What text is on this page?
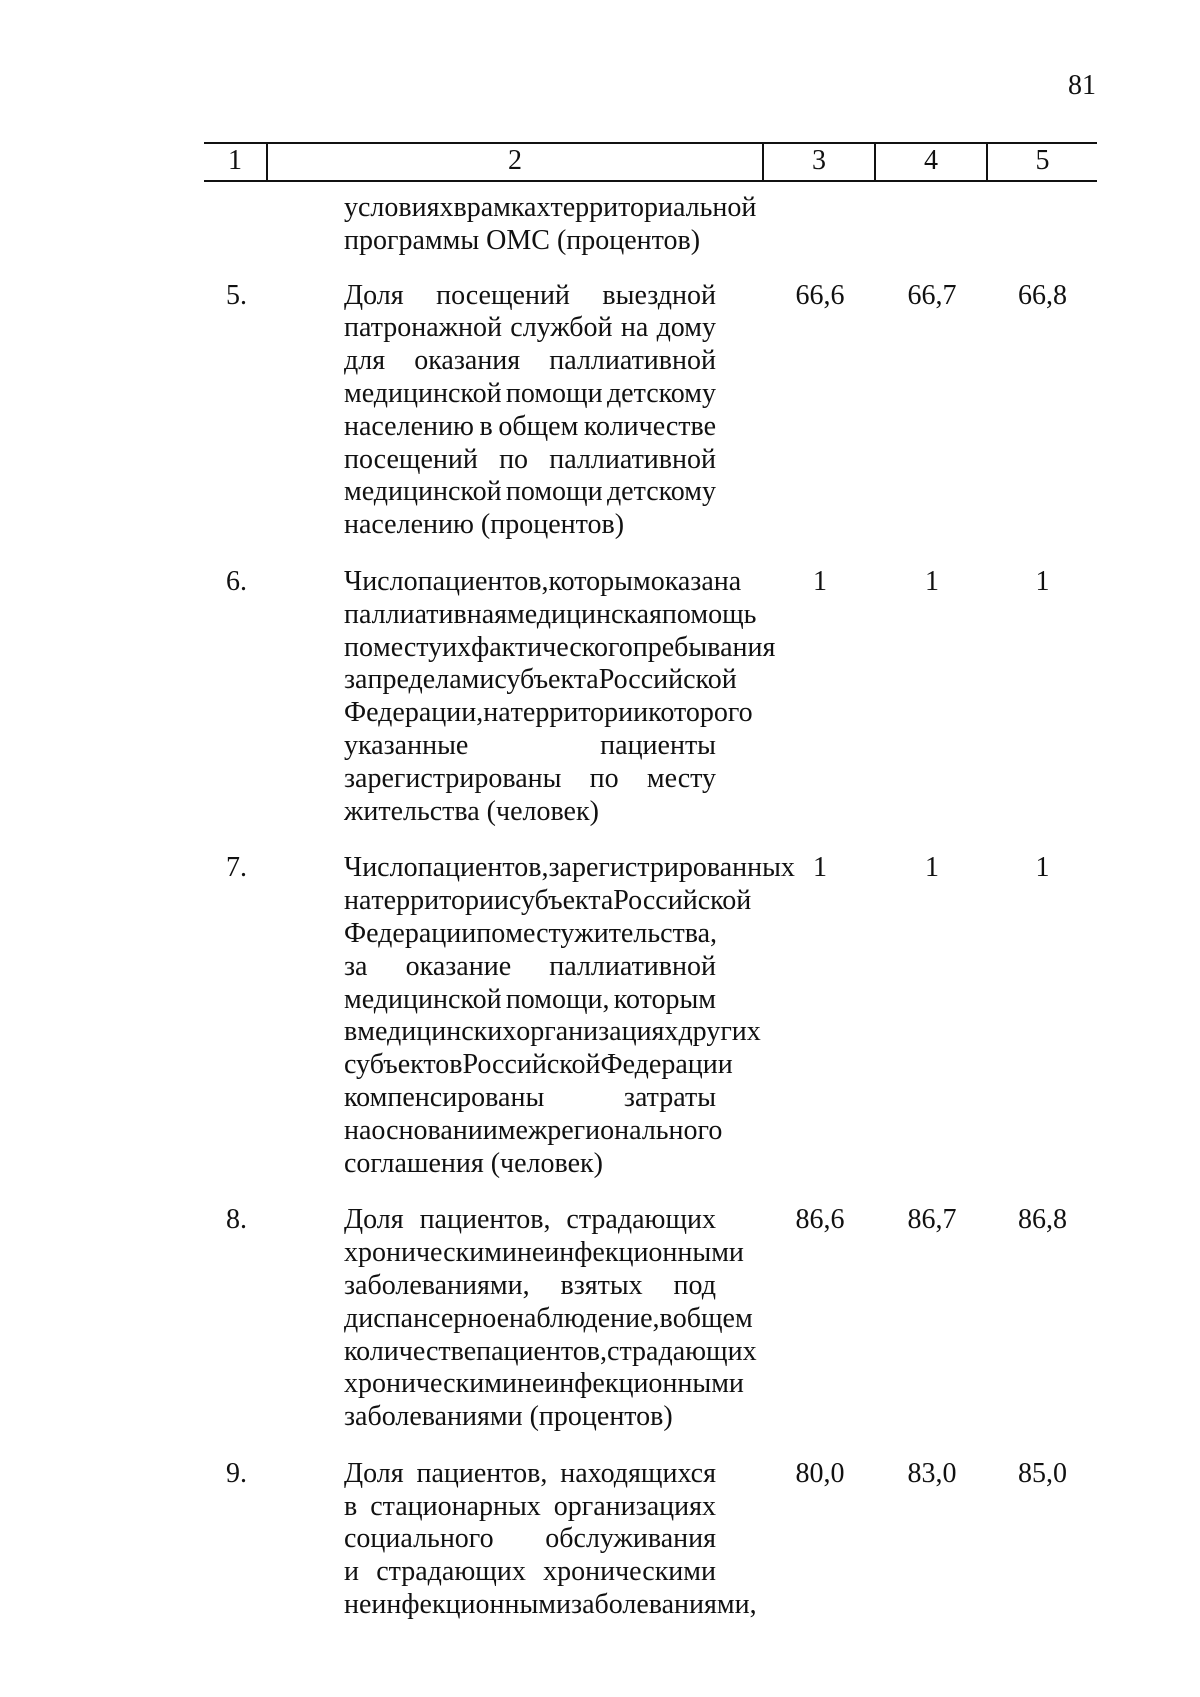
81
1	2	3	4	5
условиях в рамках территориальной
программы ОМС (процентов)
5.	Доля посещений выездной
патронажной службой на дому
для оказания паллиативной
медицинской помощи детскому
населению в общем количестве
посещений по паллиативной
медицинской помощи детскому
населению (процентов)
66,6	66,7	66,8
6.	Число пациентов, которым оказана
паллиативная медицинская помощь
по месту их фактического пребывания
за пределами субъекта Российской
Федерации, на территории которого
указанные	пациенты
зарегистрированы по месту
жительства (человек)
1	1	1
7.	Число пациентов, зарегистрированных
на территории субъекта Российской
Федерации по месту жительства,
за оказание паллиативной
медицинской помощи, которым
в медицинских организациях других
субъектов Российской Федерации
компенсированы	затраты
на основании межрегионального
соглашения (человек)
1	1	1
8.	Доля пациентов, страдающих
хроническими неинфекционными
заболеваниями, взятых под
диспансерное наблюдение, в общем
количестве пациентов, страдающих
хроническими неинфекционными
заболеваниями (процентов)
86,6	86,7	86,8
9.	Доля пациентов, находящихся
в стационарных организациях
социального обслуживания
и страдающих хроническими
неинфекционными заболеваниями,
80,0	83,0	85,0
